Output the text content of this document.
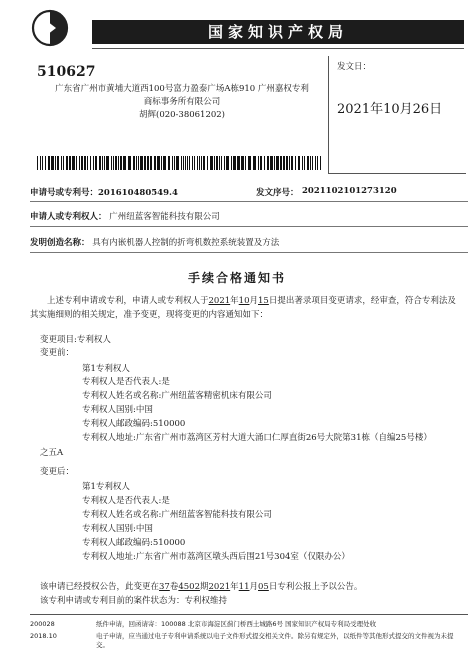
国家知识产权局
510627
广东省广州市黄埔大道西100号富力盈泰广场A栋910 广州嘉权专利
商标事务所有限公司
胡辉(020-38061202)
发文日：
2021年10月26日
申请号或专利号：201610480549.4	发文序号： 2021102101273120
申请人或专利权人： 广州纽蓝客智能科技有限公司
发明创造名称： 具有内嵌机器人控制的折弯机数控系统装置及方法
手续合格通知书
上述专利申请或专利，申请人或专利权人于2021年10月15日提出著录项目变更请求，经审查，符合专利法及其实施细则的相关规定，准予变更，现将变更的内容通知如下：
变更项目:专利权人
变更前：
第1专利权人
专利权人是否代表人:是
专利权人姓名或名称:广州纽蓝客精密机床有限公司
专利权人国别:中国
专利权人邮政编码:510000
专利权人地址:广东省广州市荔湾区芳村大道大涌口仁厚直街26号大院第31栋（自编25号楼）
之五A
变更后：
第1专利权人
专利权人是否代表人:是
专利权人姓名或名称:广州纽蓝客智能科技有限公司
专利权人国别:中国
专利权人邮政编码:510000
专利权人地址:广东省广州市荔湾区墩头西后围21号304室（仅限办公）
该申请已经授权公告，此变更在37卷4502期2021年11月05日专利公报上予以公告。
该专利申请或专利目前的案件状态为：专利权维持
200028
2018.10
纸件申请，回函请寄：100088 北京市海淀区蓟门桥西土城路6号 国家知识产权局专利局受理处收
电子申请，应当通过电子专利申请系统以电子文件形式提交相关文件。除另有规定外，以纸件等其他形式提交的文件视为未提交。
